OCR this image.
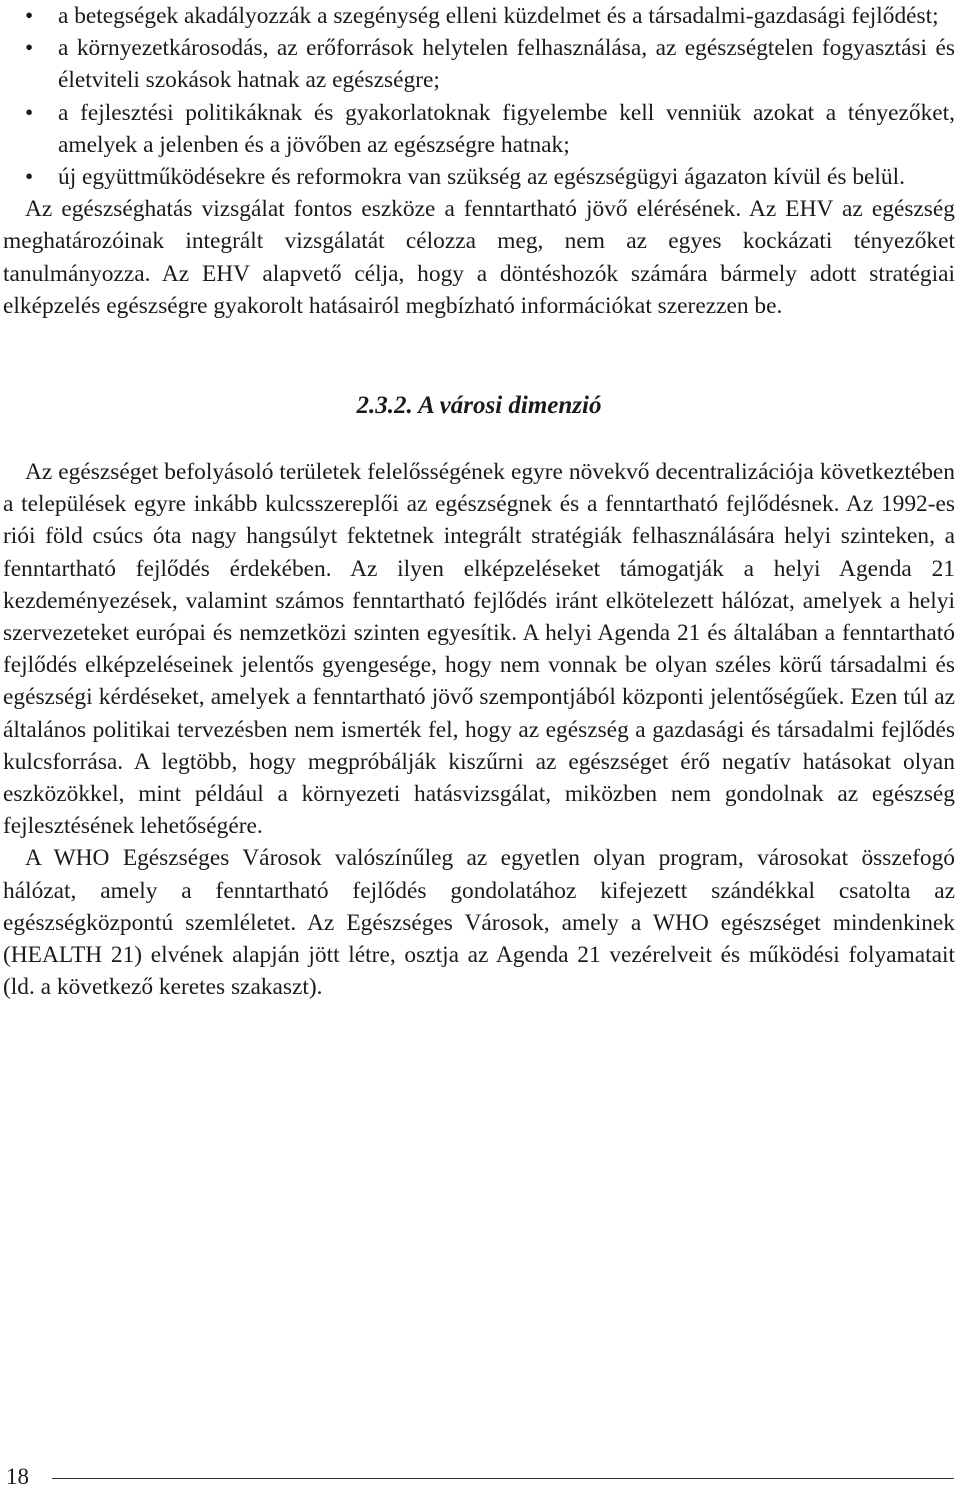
• a betegségek akadályozzák a szegénység elleni küzdelmet és a társadalmi-gazdasági fejlődést;
• a környezetkárosodás, az erőforrások helytelen felhasználása, az egészségtelen fogyasztási és életviteli szokások hatnak az egészségre;
• a fejlesztési politikáknak és gyakorlatoknak figyelembe kell venniük azokat a tényezőket, amelyek a jelenben és a jövőben az egészségre hatnak;
• új együttműködésekre és reformokra van szükség az egészségügyi ágazaton kívül és belül.

Az egészséghatás vizsgálat fontos eszköze a fenntartható jövő elérésének. Az EHV az egészség meghatározóinak integrált vizsgálatát célozza meg, nem az egyes kockázati tényezőket tanulmányozza. Az EHV alapvető célja, hogy a döntéshozók számára bármely adott stratégiai elképzelés egészségre gyakorolt hatásairól megbízható információkat szerezzen be.

2.3.2. A városi dimenzió

Az egészséget befolyásoló területek felelősségének egyre növekvő decentralizációja következtében a települések egyre inkább kulcsszereplői az egészségnek és a fenntartható fejlődésnek. Az 1992-es riói föld csúcs óta nagy hangsúlyt fektetnek integrált stratégiák felhasználására helyi szinteken, a fenntartható fejlődés érdekében. Az ilyen elképzeléseket támogatják a helyi Agenda 21 kezdeményezések, valamint számos fenntartható fejlődés iránt elkötelezett hálózat, amelyek a helyi szervezeteket európai és nemzetközi szinten egyesítik. A helyi Agenda 21 és általában a fenntartható fejlődés elképzeléseinek jelentős gyengesége, hogy nem vonnak be olyan széles körű társadalmi és egészségi kérdéseket, amelyek a fenntartható jövő szempontjából központi jelentőségűek. Ezen túl az általános politikai tervezésben nem ismerték fel, hogy az egészség a gazdasági és társadalmi fejlődés kulcsforrása. A legtöbb, hogy megpróbálják kiszűrni az egészséget érő negatív hatásokat olyan eszközökkel, mint például a környezeti hatásvizsgálat, miközben nem gondolnak az egészség fejlesztésének lehetőségére.

A WHO Egészséges Városok valószínűleg az egyetlen olyan program, városokat összefogó hálózat, amely a fenntartható fejlődés gondolatához kifejezett szándékkal csatolta az egészségközpontú szemléletet. Az Egészséges Városok, amely a WHO egészséget mindenkinek (HEALTH 21) elvének alapján jött létre, osztja az Agenda 21 vezérelveit és működési folyamatait (ld. a következő keretes szakaszt).

18
